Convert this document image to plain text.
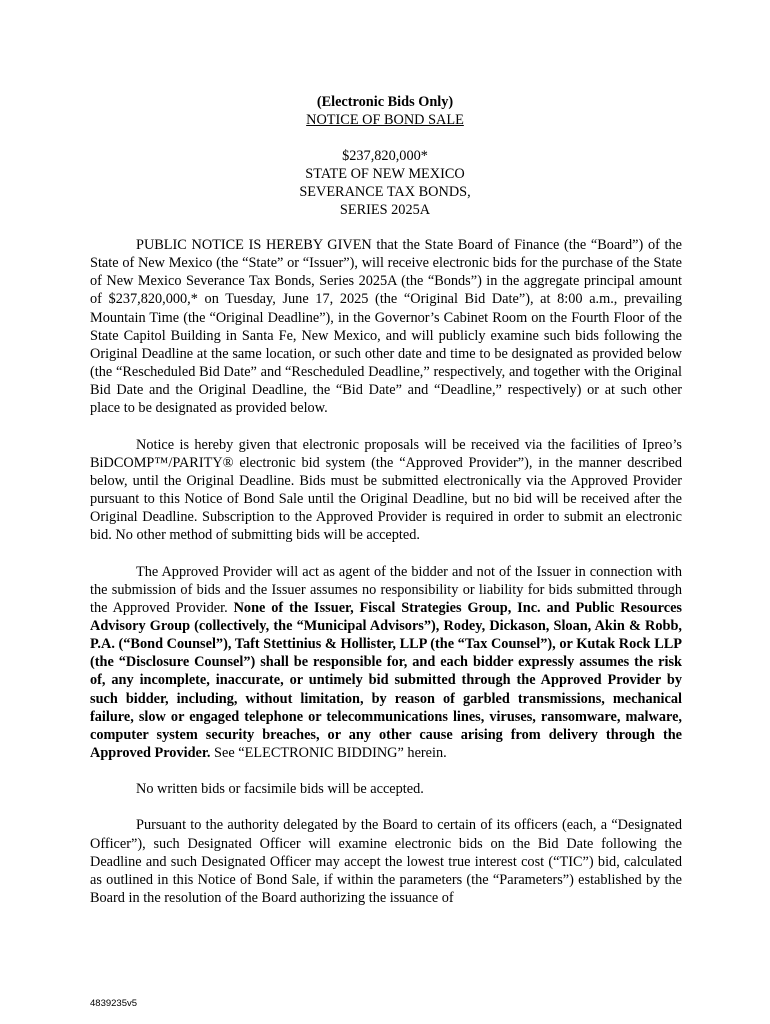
(Electronic Bids Only)
NOTICE OF BOND SALE
$237,820,000*
STATE OF NEW MEXICO
SEVERANCE TAX BONDS,
SERIES 2025A

PUBLIC NOTICE IS HEREBY GIVEN that the State Board of Finance (the “Board”) of the State of New Mexico (the “State” or “Issuer”), will receive electronic bids for the purchase of the State of New Mexico Severance Tax Bonds, Series 2025A (the “Bonds”) in the aggregate principal amount of $237,820,000,* on Tuesday, June 17, 2025 (the “Original Bid Date”), at 8:00 a.m., prevailing Mountain Time (the “Original Deadline”), in the Governor’s Cabinet Room on the Fourth Floor of the State Capitol Building in Santa Fe, New Mexico, and will publicly examine such bids following the Original Deadline at the same location, or such other date and time to be designated as provided below (the “Rescheduled Bid Date” and “Rescheduled Deadline,” respectively, and together with the Original Bid Date and the Original Deadline, the “Bid Date” and “Deadline,” respectively) or at such other place to be designated as provided below.

Notice is hereby given that electronic proposals will be received via the facilities of Ipreo’s BiDCOMP™/PARITY® electronic bid system (the “Approved Provider”), in the manner described below, until the Original Deadline. Bids must be submitted electronically via the Approved Provider pursuant to this Notice of Bond Sale until the Original Deadline, but no bid will be received after the Original Deadline. Subscription to the Approved Provider is required in order to submit an electronic bid. No other method of submitting bids will be accepted.

The Approved Provider will act as agent of the bidder and not of the Issuer in connection with the submission of bids and the Issuer assumes no responsibility or liability for bids submitted through the Approved Provider. None of the Issuer, Fiscal Strategies Group, Inc. and Public Resources Advisory Group (collectively, the “Municipal Advisors”), Rodey, Dickason, Sloan, Akin & Robb, P.A. (“Bond Counsel”), Taft Stettinius & Hollister, LLP (the “Tax Counsel”), or Kutak Rock LLP (the “Disclosure Counsel”) shall be responsible for, and each bidder expressly assumes the risk of, any incomplete, inaccurate, or untimely bid submitted through the Approved Provider by such bidder, including, without limitation, by reason of garbled transmissions, mechanical failure, slow or engaged telephone or telecommunications lines, viruses, ransomware, malware, computer system security breaches, or any other cause arising from delivery through the Approved Provider. See “ELECTRONIC BIDDING” herein.

No written bids or facsimile bids will be accepted.

Pursuant to the authority delegated by the Board to certain of its officers (each, a “Designated Officer”), such Designated Officer will examine electronic bids on the Bid Date following the Deadline and such Designated Officer may accept the lowest true interest cost (“TIC”) bid, calculated as outlined in this Notice of Bond Sale, if within the parameters (the “Parameters”) established by the Board in the resolution of the Board authorizing the issuance of

4839235v5
